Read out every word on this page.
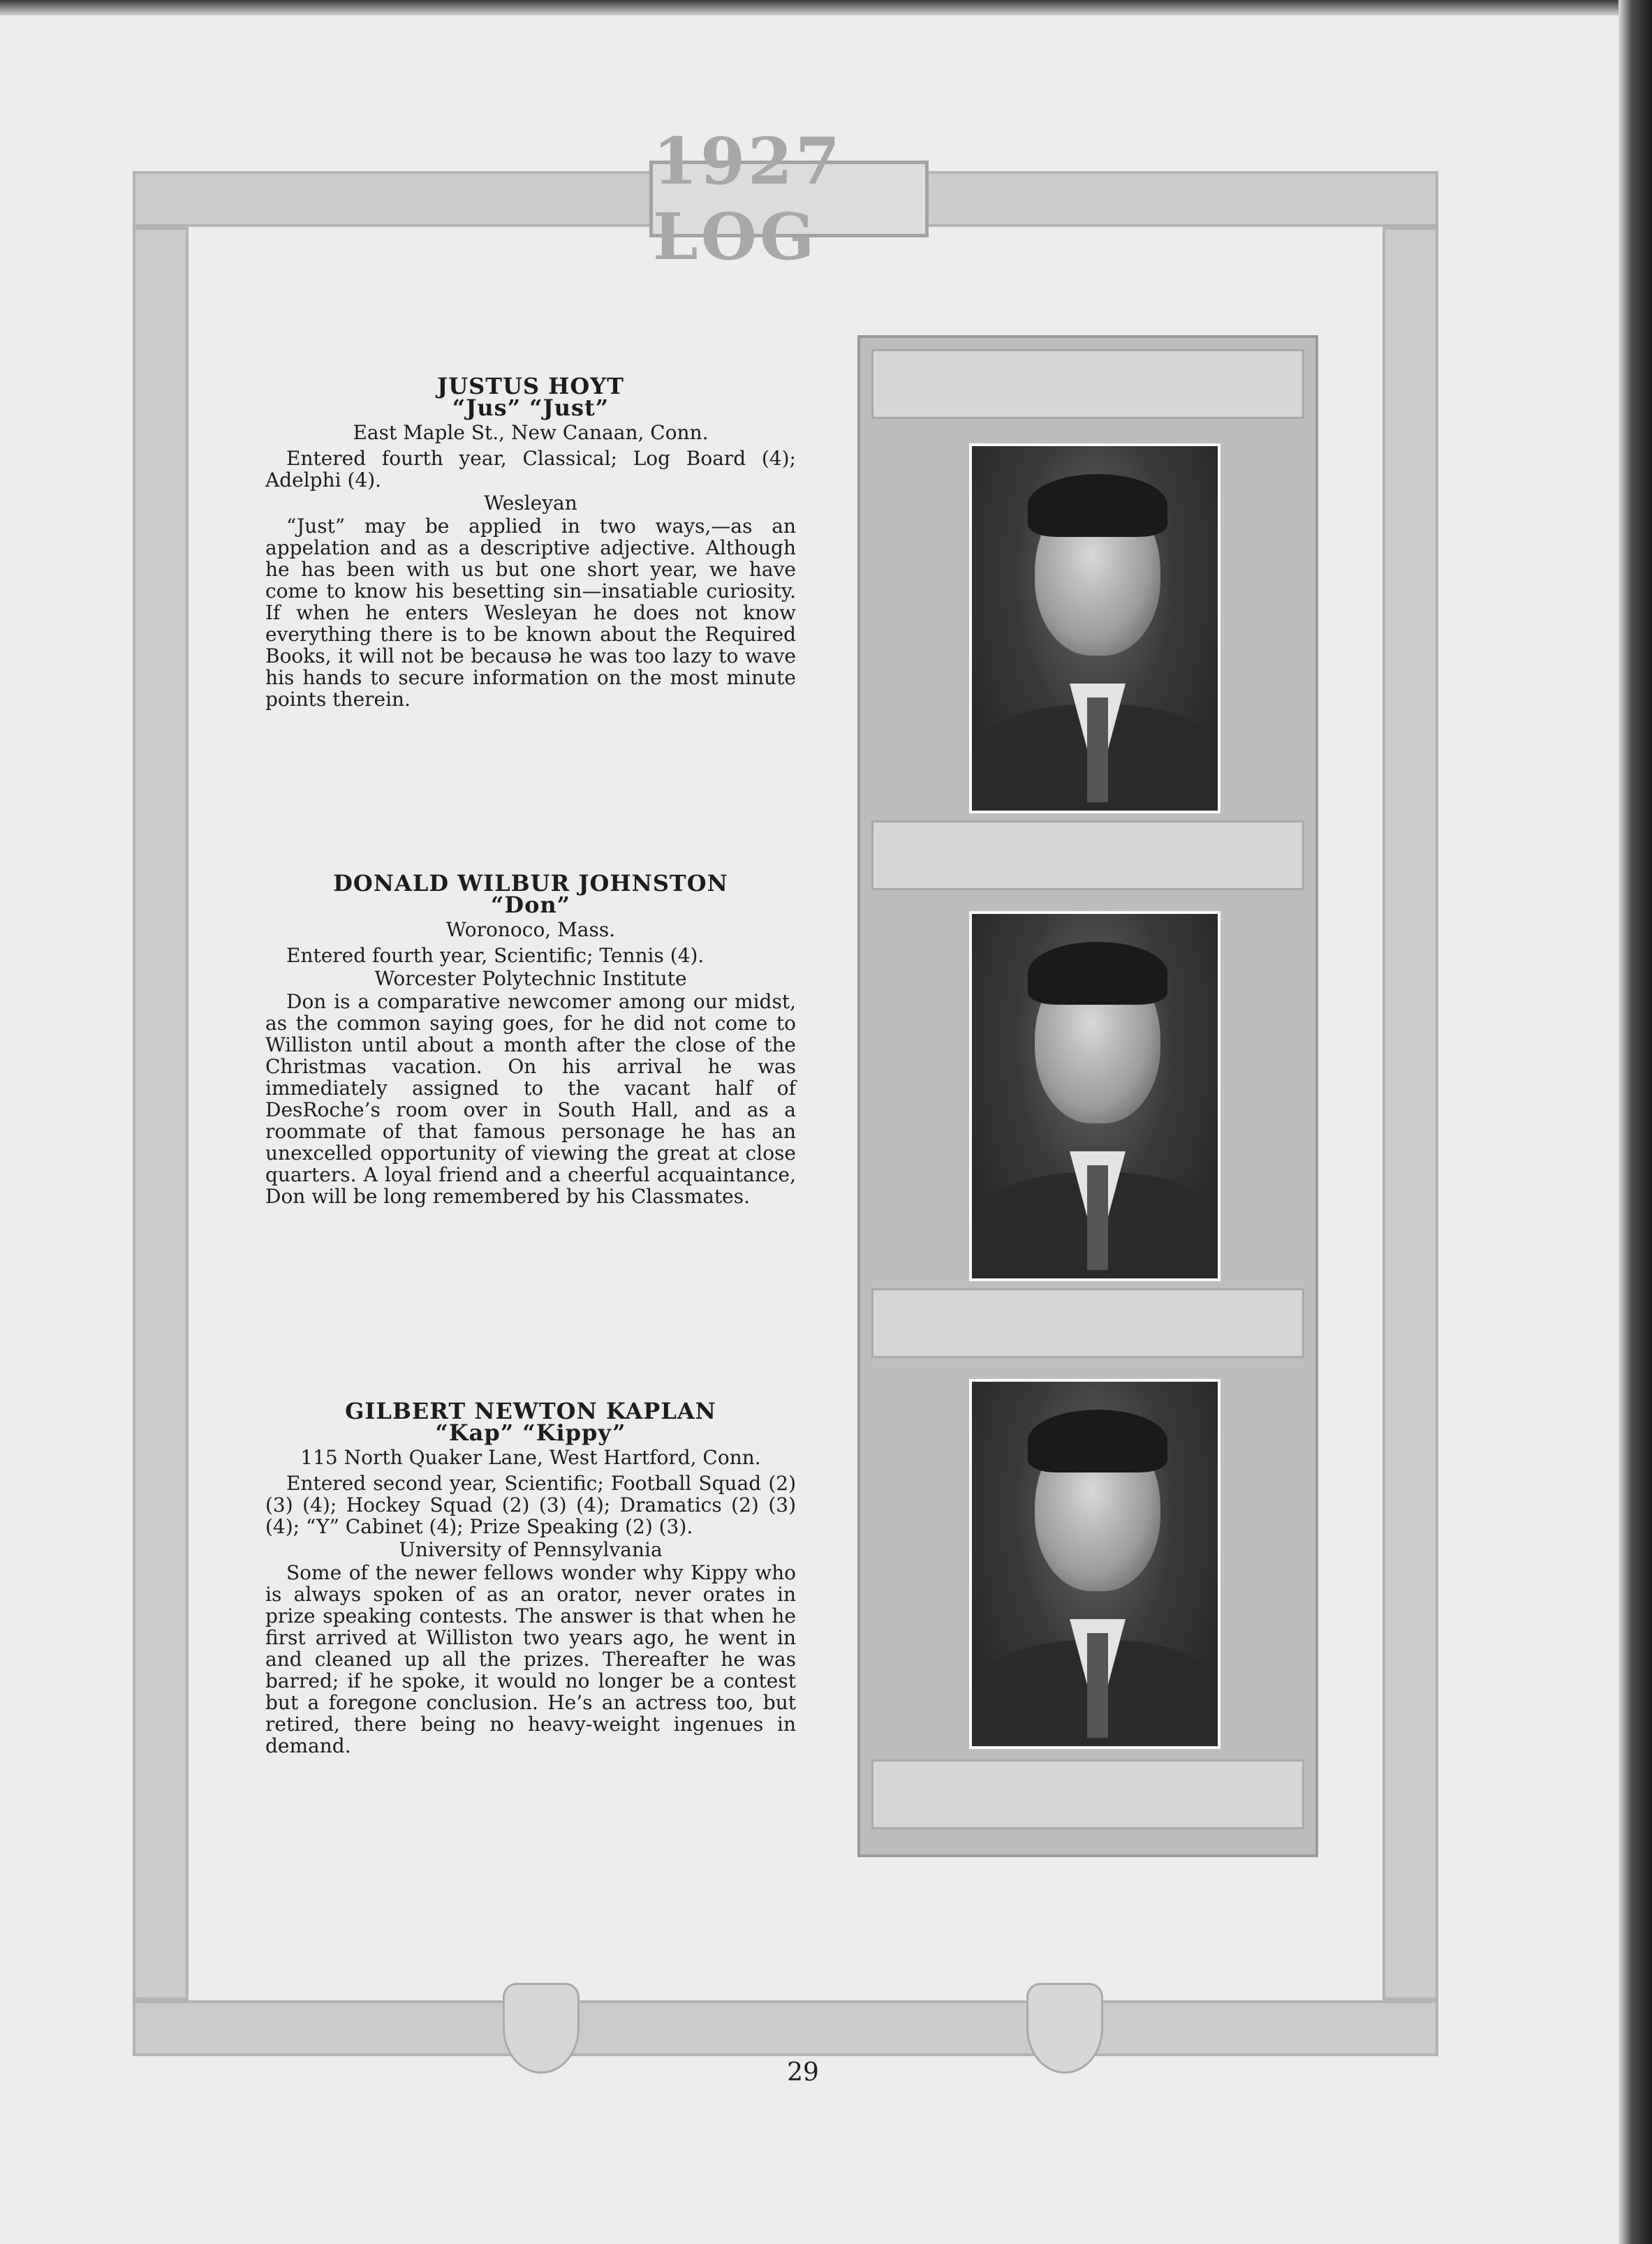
1927 LOG
JUSTUS HOYT
“Jus” “Just”
East Maple St., New Canaan, Conn.
Entered fourth year, Classical; Log Board (4); Adelphi (4).
Wesleyan
“Just” may be applied in two ways,—as an appelation and as a descriptive adjective. Although he has been with us but one short year, we have come to know his besetting sin—insatiable curiosity. If when he enters Wesleyan he does not know everything there is to be known about the Required Books, it will not be becausə he was too lazy to wave his hands to secure information on the most minute points therein.
DONALD WILBUR JOHNSTON
“Don”
Woronoco, Mass.
Entered fourth year, Scientific; Tennis (4).
Worcester Polytechnic Institute
Don is a comparative newcomer among our midst, as the common saying goes, for he did not come to Williston until about a month after the close of the Christmas vacation. On his arrival he was immediately assigned to the vacant half of DesRoche’s room over in South Hall, and as a roommate of that famous personage he has an unexcelled opportunity of viewing the great at close quarters. A loyal friend and a cheerful acquaintance, Don will be long remembered by his Classmates.
GILBERT NEWTON KAPLAN
“Kap” “Kippy”
115 North Quaker Lane, West Hartford, Conn.
Entered second year, Scientific; Football Squad (2) (3) (4); Hockey Squad (2) (3) (4); Dramatics (2) (3) (4); “Y” Cabinet (4); Prize Speaking (2) (3).
University of Pennsylvania
Some of the newer fellows wonder why Kippy who is always spoken of as an orator, never orates in prize speaking contests. The answer is that when he first arrived at Williston two years ago, he went in and cleaned up all the prizes. Thereafter he was barred; if he spoke, it would no longer be a contest but a foregone conclusion. He’s an actress too, but retired, there being no heavy-weight ingenues in demand.
29
